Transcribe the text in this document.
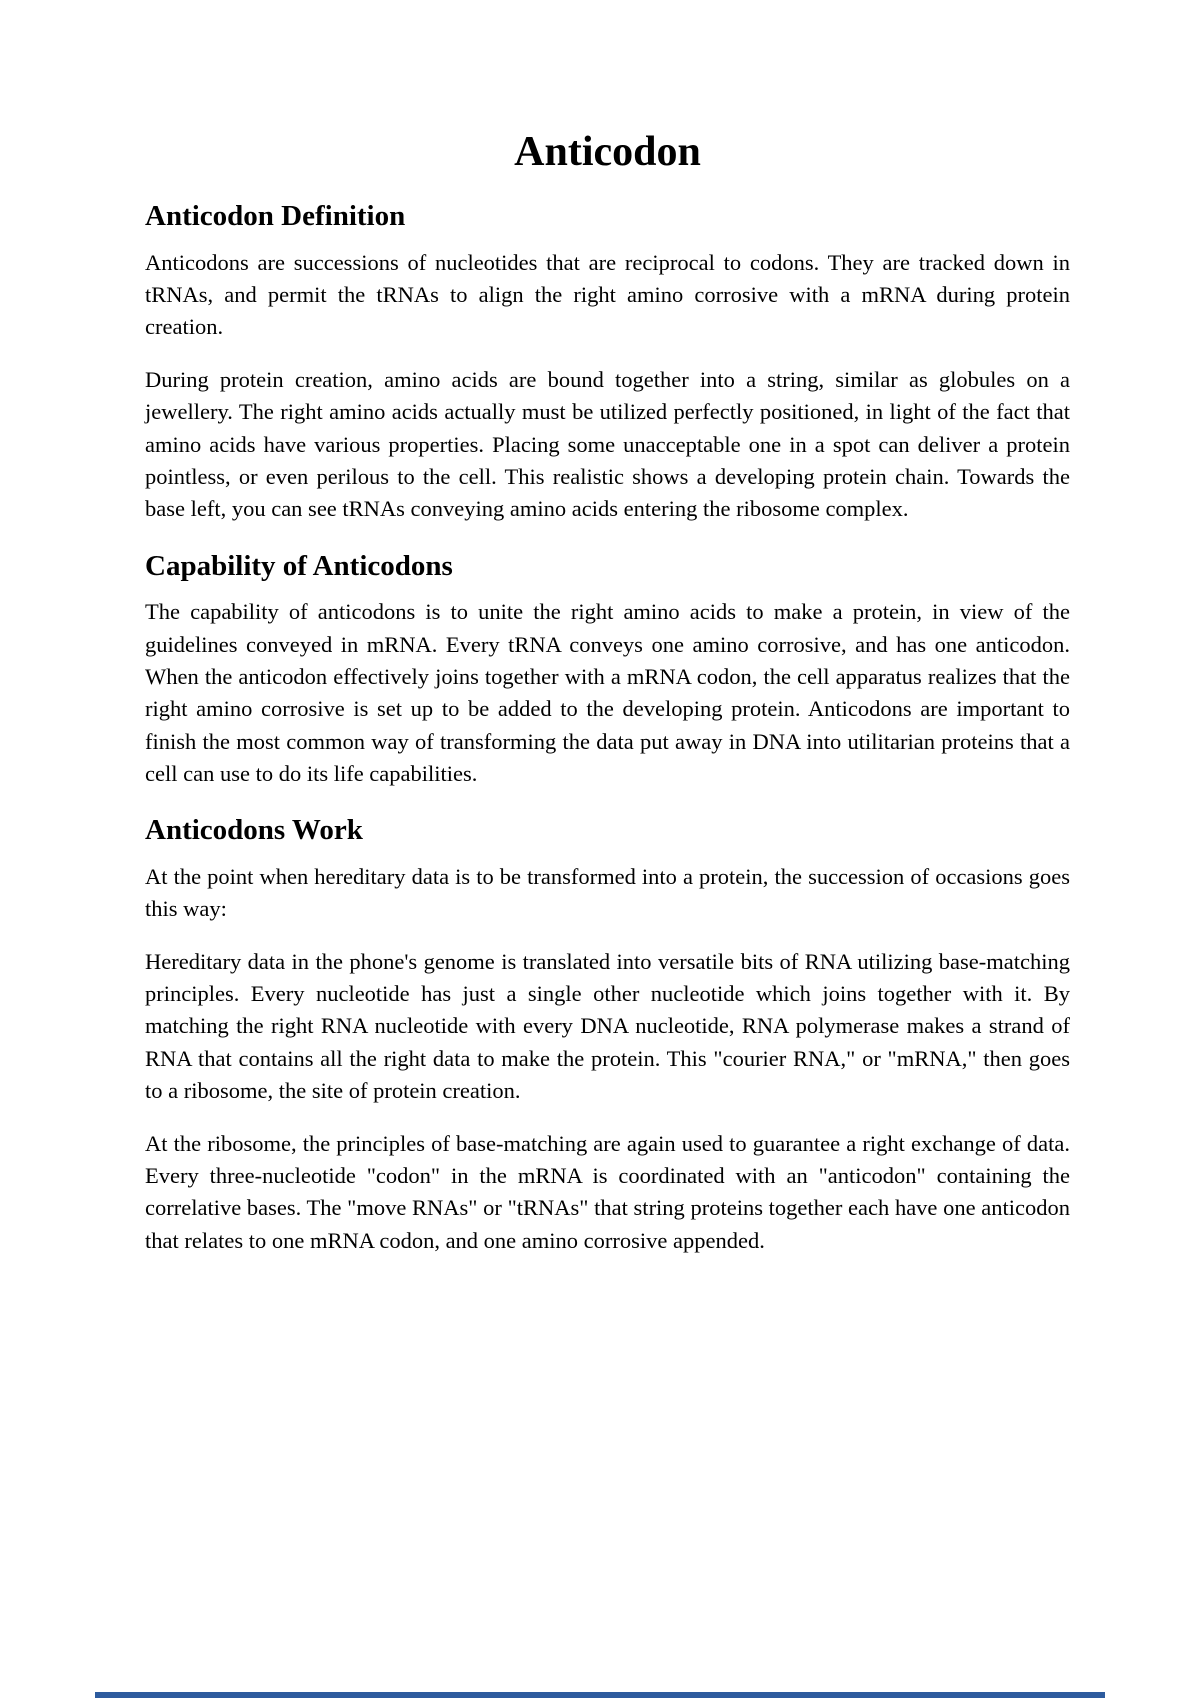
Anticodon
Anticodon Definition

Anticodons are successions of nucleotides that are reciprocal to codons. They are tracked down in tRNAs, and permit the tRNAs to align the right amino corrosive with a mRNA during protein creation.

During protein creation, amino acids are bound together into a string, similar as globules on a jewellery. The right amino acids actually must be utilized perfectly positioned, in light of the fact that amino acids have various properties. Placing some unacceptable one in a spot can deliver a protein pointless, or even perilous to the cell. This realistic shows a developing protein chain. Towards the base left, you can see tRNAs conveying amino acids entering the ribosome complex.

Capability of Anticodons

The capability of anticodons is to unite the right amino acids to make a protein, in view of the guidelines conveyed in mRNA. Every tRNA conveys one amino corrosive, and has one anticodon. When the anticodon effectively joins together with a mRNA codon, the cell apparatus realizes that the right amino corrosive is set up to be added to the developing protein. Anticodons are important to finish the most common way of transforming the data put away in DNA into utilitarian proteins that a cell can use to do its life capabilities.

Anticodons Work

At the point when hereditary data is to be transformed into a protein, the succession of occasions goes this way:

Hereditary data in the phone's genome is translated into versatile bits of RNA utilizing base-matching principles. Every nucleotide has just a single other nucleotide which joins together with it. By matching the right RNA nucleotide with every DNA nucleotide, RNA polymerase makes a strand of RNA that contains all the right data to make the protein. This "courier RNA," or "mRNA," then goes to a ribosome, the site of protein creation.

At the ribosome, the principles of base-matching are again used to guarantee a right exchange of data. Every three-nucleotide "codon" in the mRNA is coordinated with an "anticodon" containing the correlative bases. The "move RNAs" or "tRNAs" that string proteins together each have one anticodon that relates to one mRNA codon, and one amino corrosive appended.
